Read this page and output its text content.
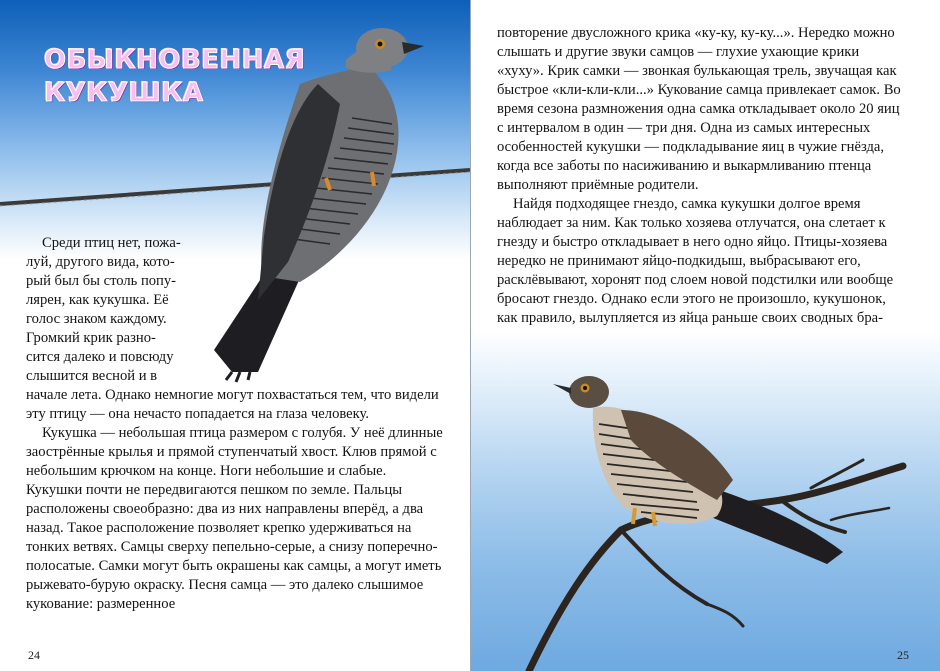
ОБЫКНОВЕННАЯ
КУКУШКА
Среди птиц нет, пожа-
луй, другого вида, кото-
рый был бы столь попу-
лярен, как кукушка. Её
голос знаком каждому.
Громкий крик разно-
сится далеко и повсюду
слышится весной и в

начале лета. Однако немногие могут похвастаться тем, что видели эту птицу — она нечасто попадается на глаза человеку.

Кукушка — небольшая птица размером с голубя. У неё длинные заострённые крылья и прямой ступенчатый хвост. Клюв прямой с небольшим крючком на конце. Ноги небольшие и слабые. Кукушки почти не передвигаются пешком по земле. Пальцы расположены своеобразно: два из них направлены вперёд, а два назад. Такое расположение позволяет крепко удерживаться на тонких ветвях. Самцы сверху пепельно-серые, а снизу поперечно-полосатые. Самки могут быть окрашены как самцы, а могут иметь рыжевато-бурую окраску. Песня самца — это далеко слышимое кукование: размеренное

24

повторение двусложного крика «ку-ку, ку-ку...». Нередко можно слышать и другие звуки самцов — глухие ухающие крики «хуху». Крик самки — звонкая булькающая трель, звучащая как быстрое «кли-кли-кли...» Кукование самца привлекает самок. Во время сезона размножения одна самка откладывает около 20 яиц с интервалом в один — три дня. Одна из самых интересных особенностей кукушки — подкладывание яиц в чужие гнёзда, когда все заботы по насиживанию и выкармливанию птенца выполняют приёмные родители.

Найдя подходящее гнездо, самка кукушки долгое время наблюдает за ним. Как только хозяева отлучатся, она слетает к гнезду и быстро откладывает в него одно яйцо. Птицы-хозяева нередко не принимают яйцо-подкидыш, выбрасывают его, расклёвывают, хоронят под слоем новой подстилки или вообще бросают гнездо. Однако если этого не произошло, кукушонок, как правило, вылупляется из яйца раньше своих сводных бра-

25
